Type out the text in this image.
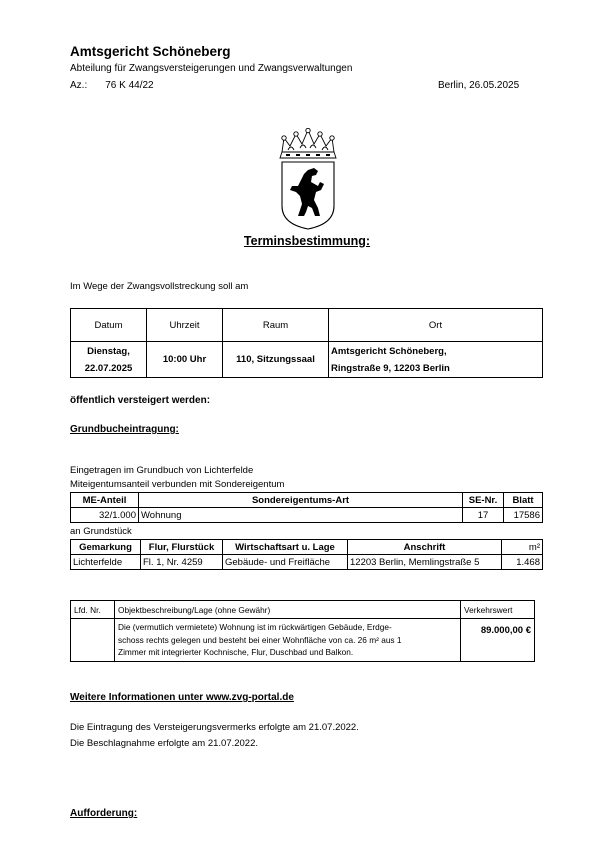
Amtsgericht Schöneberg
Abteilung für Zwangsversteigerungen und Zwangsverwaltungen
Az.: 76 K 44/22	Berlin, 26.05.2025
Terminsbestimmung:
Im Wege der Zwangsvollstreckung soll am
Datum	Uhrzeit	Raum	Ort
Dienstag,
22.07.2025	10:00 Uhr	110, Sitzungssaal	Amtsgericht Schöneberg,
Ringstraße 9, 12203 Berlin
öffentlich versteigert werden:
Grundbucheintragung:
Eingetragen im Grundbuch von Lichterfelde
Miteigentumsanteil verbunden mit Sondereigentum
ME-Anteil	Sondereigentums-Art	SE-Nr.	Blatt
32/1.000	Wohnung	17	17586
an Grundstück
Gemarkung	Flur, Flurstück	Wirtschaftsart u. Lage	Anschrift	m²
Lichterfelde	Fl. 1, Nr. 4259	Gebäude- und Freifläche	12203 Berlin, Memlingstraße 5	1.468
Lfd. Nr.	Objektbeschreibung/Lage (ohne Gewähr)	Verkehrswert
	Die (vermutlich vermietete) Wohnung ist im rückwärtigen Gebäude, Erdge-
schoss rechts gelegen und besteht bei einer Wohnfläche von ca. 26 m² aus 1
Zimmer mit integrierter Kochnische, Flur, Duschbad und Balkon.	89.000,00 €
Weitere Informationen unter www.zvg-portal.de
Die Eintragung des Versteigerungsvermerks erfolgte am 21.07.2022.
Die Beschlagnahme erfolgte am 21.07.2022.
Aufforderung:
